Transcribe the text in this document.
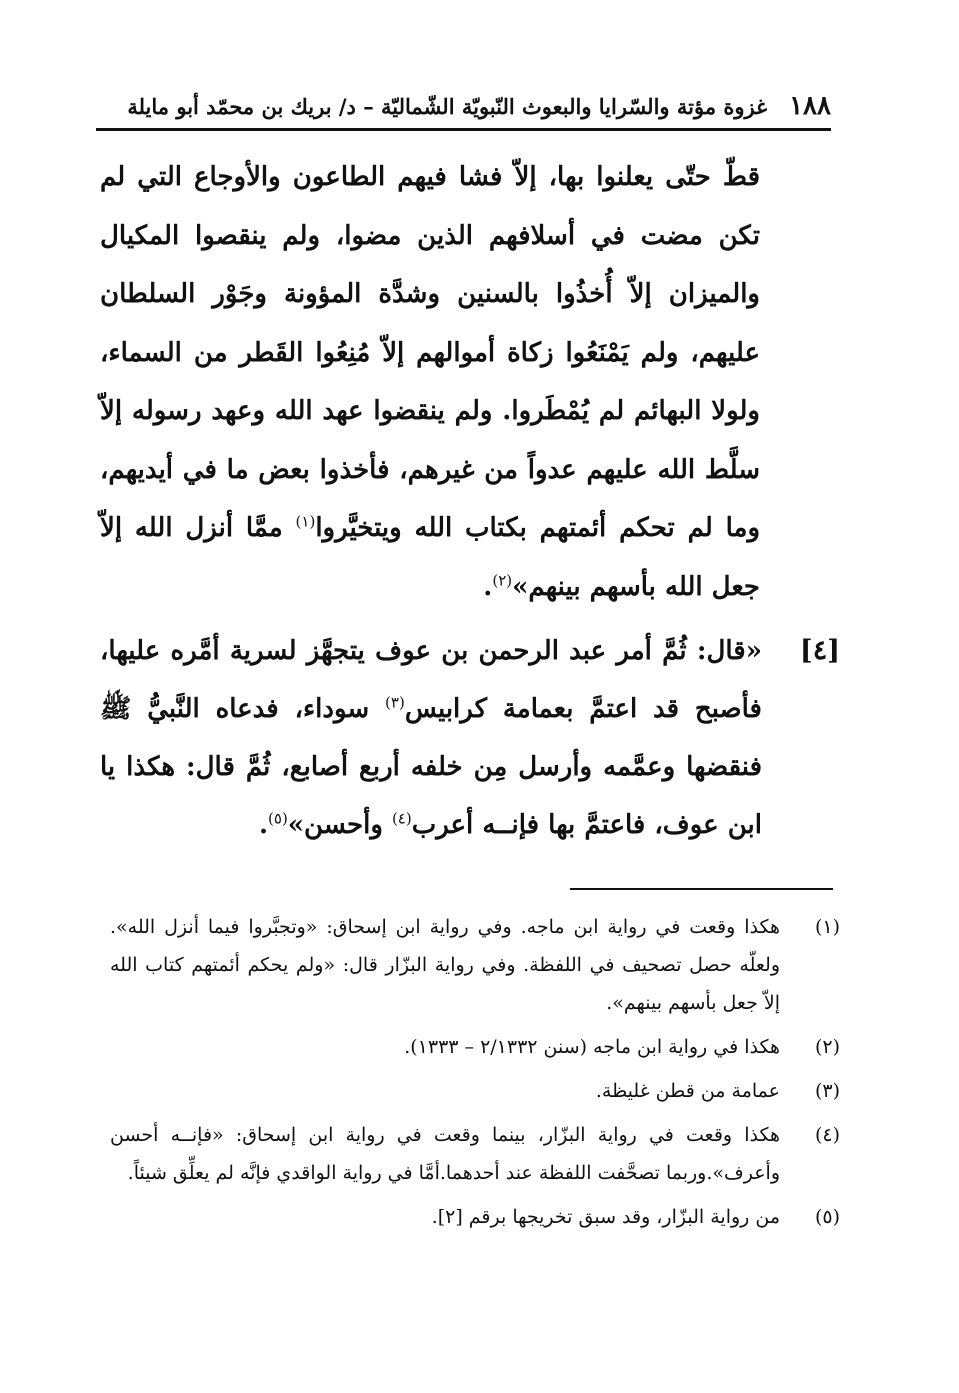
١٨٨
غزوة مؤتة والسّرايا والبعوث النّبويّة الشّماليّة – د/ بريك بن محمّد أبو مايلة
قطّ حتّى يعلنوا بها، إلاّ فشا فيهم الطاعون والأوجاع التي لم تكن مضت في أسلافهم الذين مضوا، ولم ينقصوا المكيال والميزان إلاّ أُخذُوا بالسنين وشدَّة المؤونة وجَوْر السلطان عليهم، ولم يَمْنَعُوا زكاة أموالهم إلاّ مُنِعُوا القَطر من السماء، ولولا البهائم لم يُمْطَروا. ولم ينقضوا عهد الله وعهد رسوله إلاّ سلَّط الله عليهم عدواً من غيرهم، فأخذوا بعض ما في أيديهم، وما لم تحكم أئمتهم بكتاب الله ويتخيَّروا$^{(١)}$ ممَّا أنزل الله إلاّ جعل الله بأسهم بينهم»$^{(٢)}$.
[٤]
«قال: ثُمَّ أمر عبد الرحمن بن عوف يتجهَّز لسرية أمَّره عليها، فأصبح قد اعتمَّ بعمامة كرابيس$^{(٣)}$ سوداء، فدعاه النَّبيُّ ﷺ فنقضها وعمَّمه وأرسل مِن خلفه أربع أصابع، ثُمَّ قال: هكذا يا ابن عوف، فاعتمَّ بها فإنــه أعرب$^{(٤)}$ وأحسن»$^{(٥)}$.
(١)
هكذا وقعت في رواية ابن ماجه. وفي رواية ابن إسحاق: «وتجبَّروا فيما أنزل الله». ولعلّه حصل تصحيف في اللفظة. وفي رواية البزّار قال: «ولم يحكم أئمتهم كتاب الله إلاّ جعل بأسهم بينهم».
(٢)
هكذا في رواية ابن ماجه (سنن ٢/١٣٣٢ – ١٣٣٣).
(٣)
عمامة من قطن غليظة.
(٤)
هكذا وقعت في رواية البزّار، بينما وقعت في رواية ابن إسحاق: «فإنــه أحسن وأعرف».وربما تصحَّفت اللفظة عند أحدهما.أمَّا في رواية الواقدي فإنَّه لم يعلِّق شيئاً.
(٥)
من رواية البزّار، وقد سبق تخريجها برقم [٢].
